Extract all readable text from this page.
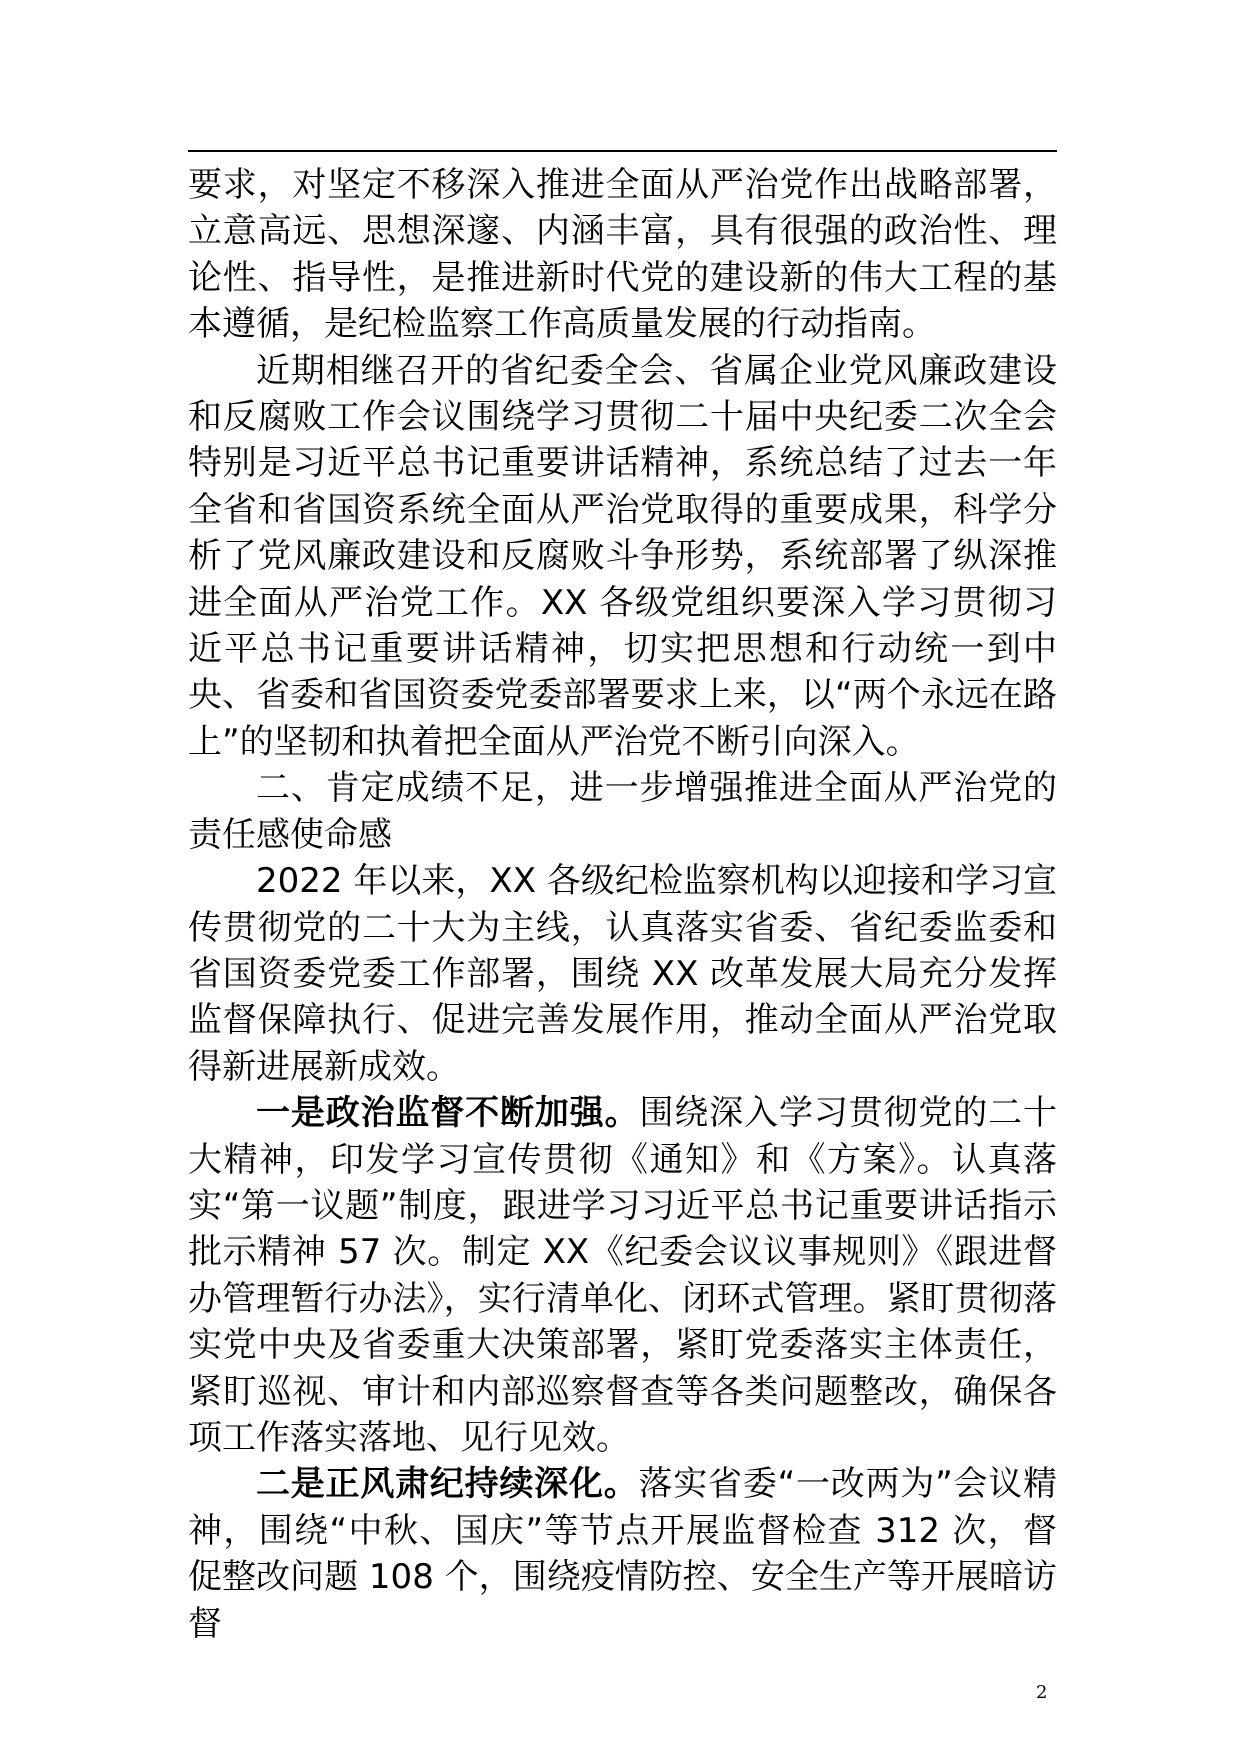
要求，对坚定不移深入推进全面从严治党作出战略部署，立意高远、思想深邃、内涵丰富，具有很强的政治性、理论性、指导性，是推进新时代党的建设新的伟大工程的基本遵循，是纪检监察工作高质量发展的行动指南。

近期相继召开的省纪委全会、省属企业党风廉政建设和反腐败工作会议围绕学习贯彻二十届中央纪委二次全会特别是习近平总书记重要讲话精神，系统总结了过去一年全省和省国资系统全面从严治党取得的重要成果，科学分析了党风廉政建设和反腐败斗争形势，系统部署了纵深推进全面从严治党工作。XX 各级党组织要深入学习贯彻习近平总书记重要讲话精神，切实把思想和行动统一到中央、省委和省国资委党委部署要求上来，以“两个永远在路上”的坚韧和执着把全面从严治党不断引向深入。

二、肯定成绩不足，进一步增强推进全面从严治党的责任感使命感

2022 年以来，XX 各级纪检监察机构以迎接和学习宣传贯彻党的二十大为主线，认真落实省委、省纪委监委和省国资委党委工作部署，围绕 XX 改革发展大局充分发挥监督保障执行、促进完善发展作用，推动全面从严治党取得新进展新成效。

一是政治监督不断加强。围绕深入学习贯彻党的二十大精神，印发学习宣传贯彻《通知》和《方案》。认真落实“第一议题”制度，跟进学习习近平总书记重要讲话指示批示精神 57 次。制定 XX《纪委会议议事规则》《跟进督办管理暂行办法》，实行清单化、闭环式管理。紧盯贯彻落实党中央及省委重大决策部署，紧盯党委落实主体责任，紧盯巡视、审计和内部巡察督查等各类问题整改，确保各项工作落实落地、见行见效。

二是正风肃纪持续深化。落实省委“一改两为”会议精神，围绕“中秋、国庆”等节点开展监督检查 312 次，督促整改问题 108 个，围绕疫情防控、安全生产等开展暗访督

2
